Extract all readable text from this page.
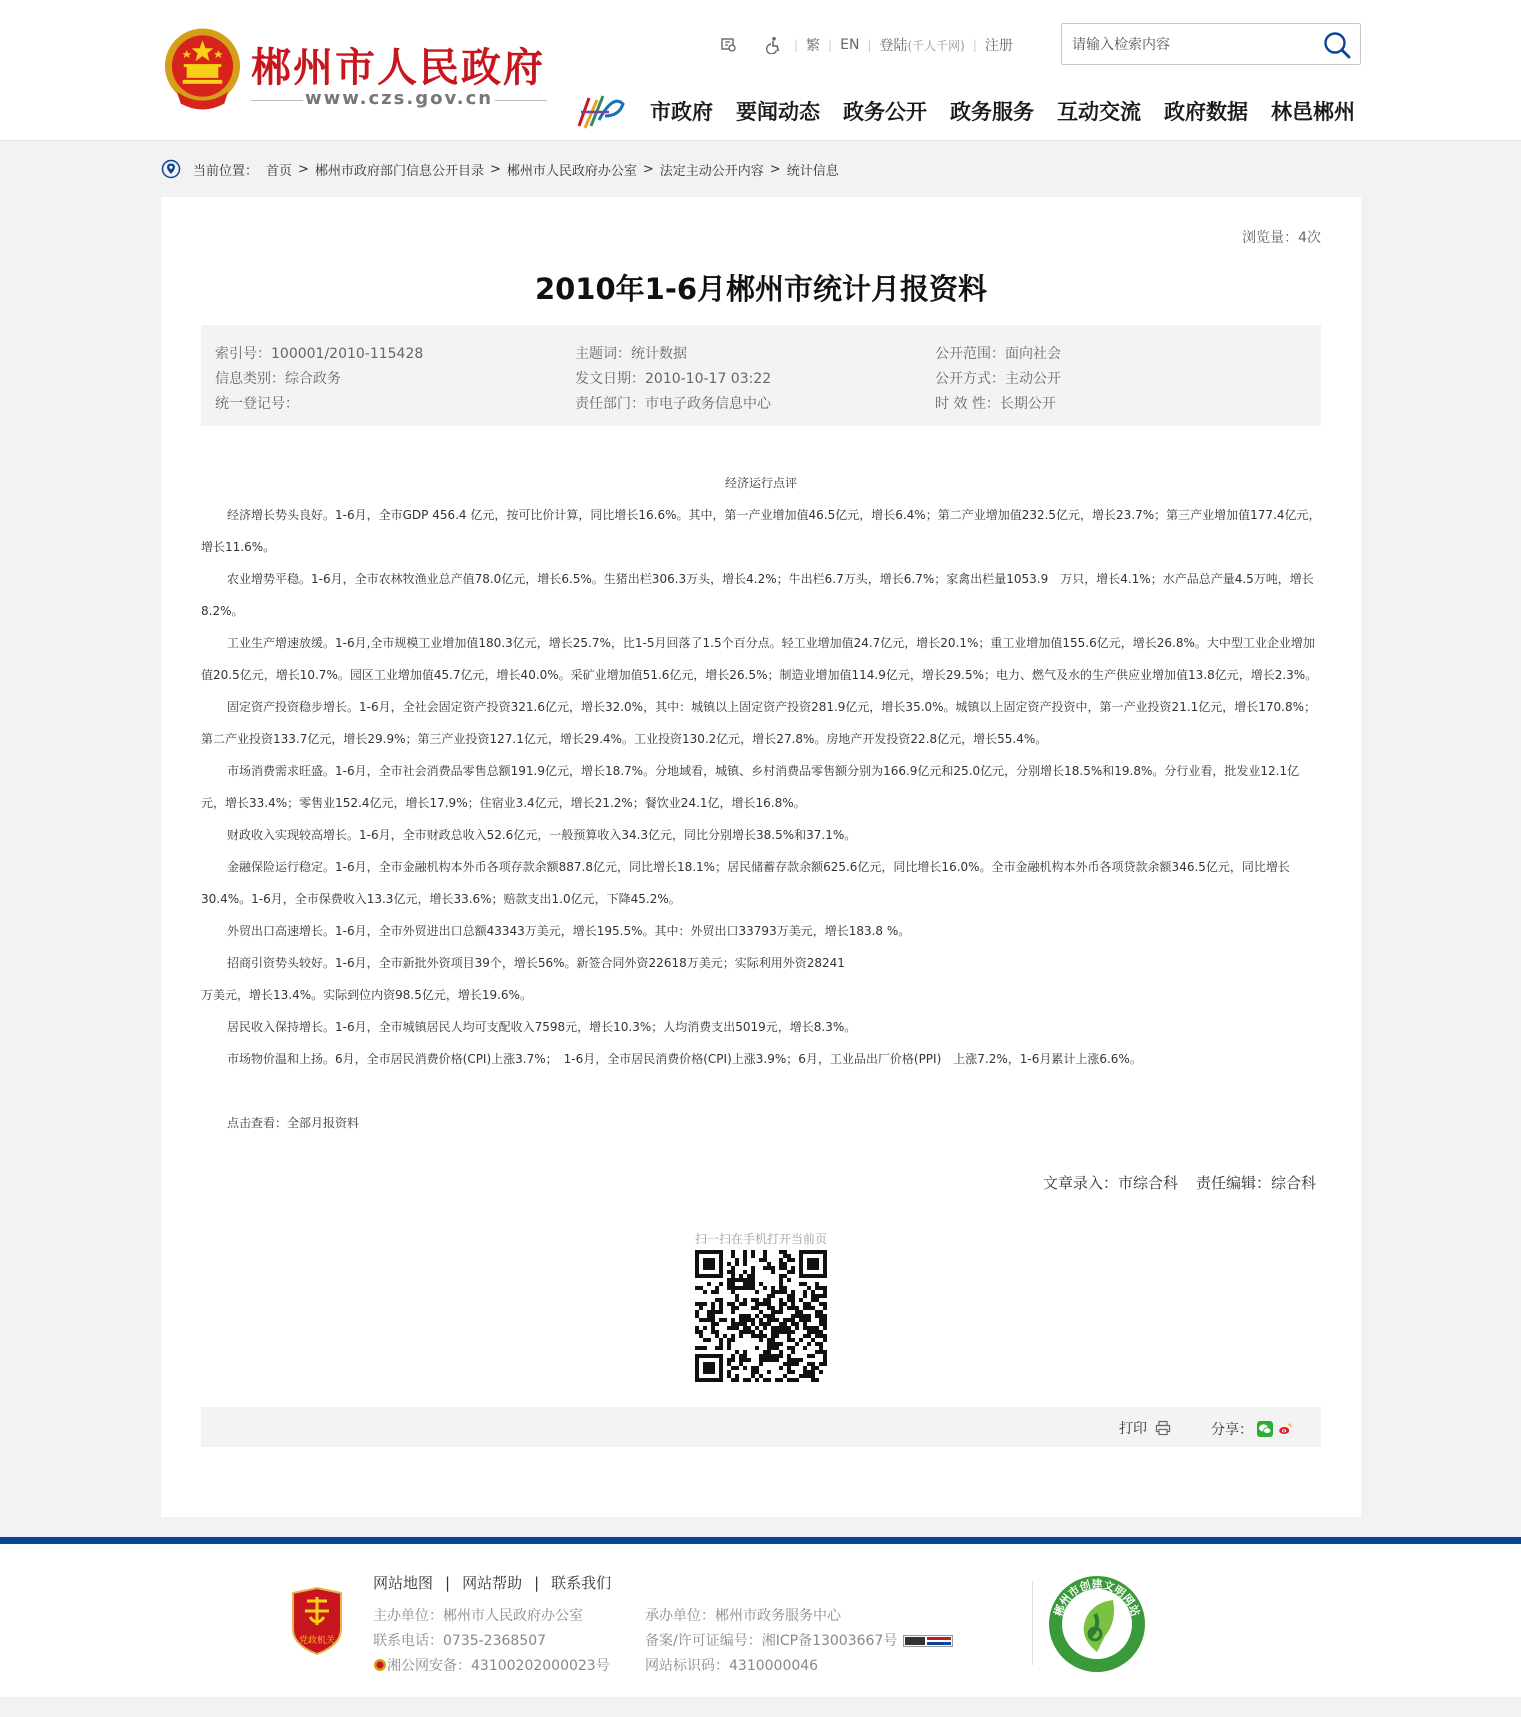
郴州市人民政府
www.czs.gov.cn
| 繁 | EN | 登陆 (千人千网) | 注册
请输入检索内容
市政府 要闻动态 政务公开 政务服务 互动交流 政府数据 林邑郴州
当前位置： 首页 > 郴州市政府部门信息公开目录 > 郴州市人民政府办公室 > 法定主动公开内容 > 统计信息
浏览量：4次
2010年1-6月郴州市统计月报资料
索引号：100001/2010-115428
信息类别：综合政务
统一登记号：
主题词：统计数据
发文日期：2010-10-17 03:22
责任部门：市电子政务信息中心
公开范围：面向社会
公开方式：主动公开
时 效 性：长期公开
经济运行点评

经济增长势头良好。1-6月，全市GDP 456.4 亿元，按可比价计算，同比增长16.6%。其中，第一产业增加值46.5亿元，增长6.4%；第二产业增加值232.5亿元，增长23.7%；第三产业增加值177.4亿元，增长11.6%。

农业增势平稳。1-6月，全市农林牧渔业总产值78.0亿元，增长6.5%。生猪出栏306.3万头，增长4.2%；牛出栏6.7万头，增长6.7%；家禽出栏量1053.9　万只，增长4.1%；水产品总产量4.5万吨，增长8.2%。

工业生产增速放缓。1-6月,全市规模工业增加值180.3亿元，增长25.7%，比1-5月回落了1.5个百分点。轻工业增加值24.7亿元，增长20.1%；重工业增加值155.6亿元，增长26.8%。大中型工业企业增加值20.5亿元，增长10.7%。园区工业增加值45.7亿元，增长40.0%。采矿业增加值51.6亿元，增长26.5%；制造业增加值114.9亿元，增长29.5%；电力、燃气及水的生产供应业增加值13.8亿元，增长2.3%。

固定资产投资稳步增长。1-6月，全社会固定资产投资321.6亿元，增长32.0%，其中：城镇以上固定资产投资281.9亿元，增长35.0%。城镇以上固定资产投资中，第一产业投资21.1亿元，增长170.8%；第二产业投资133.7亿元，增长29.9%；第三产业投资127.1亿元，增长29.4%。工业投资130.2亿元，增长27.8%。房地产开发投资22.8亿元，增长55.4%。

市场消费需求旺盛。1-6月，全市社会消费品零售总额191.9亿元，增长18.7%。分地域看，城镇、乡村消费品零售额分别为166.9亿元和25.0亿元，分别增长18.5%和19.8%。分行业看，批发业12.1亿元，增长33.4%；零售业152.4亿元，增长17.9%；住宿业3.4亿元，增长21.2%；餐饮业24.1亿，增长16.8%。

财政收入实现较高增长。1-6月，全市财政总收入52.6亿元，一般预算收入34.3亿元，同比分别增长38.5%和37.1%。

金融保险运行稳定。1-6月，全市金融机构本外币各项存款余额887.8亿元，同比增长18.1%；居民储蓄存款余额625.6亿元，同比增长16.0%。全市金融机构本外币各项贷款余额346.5亿元，同比增长30.4%。1-6月，全市保费收入13.3亿元，增长33.6%；赔款支出1.0亿元，下降45.2%。

外贸出口高速增长。1-6月，全市外贸进出口总额43343万美元，增长195.5%。其中：外贸出口33793万美元，增长183.8 %。

招商引资势头较好。1-6月，全市新批外资项目39个，增长56%。新签合同外资22618万美元；实际利用外资28241

万美元，增长13.4%。实际到位内资98.5亿元，增长19.6%。

居民收入保持增长。1-6月，全市城镇居民人均可支配收入7598元，增长10.3%；人均消费支出5019元，增长8.3%。

市场物价温和上扬。6月，全市居民消费价格(CPI)上涨3.7%；　1-6月，全市居民消费价格(CPI)上涨3.9%；6月，工业品出厂价格(PPI)　上涨7.2%，1-6月累计上涨6.6%。

点击查看：全部月报资料
文章录入：市综合科 责任编辑：综合科
扫一扫在手机打开当前页
打印	分享：
党政机关
网站地图 | 网站帮助 | 联系我们
主办单位：郴州市人民政府办公室
联系电话：0735-2368507
湘公网安备：43100202000023号
承办单位：郴州市政务服务中心
备案/许可证编号：湘ICP备13003667号
网站标识码：4310000046
郴州市创建文明网站
